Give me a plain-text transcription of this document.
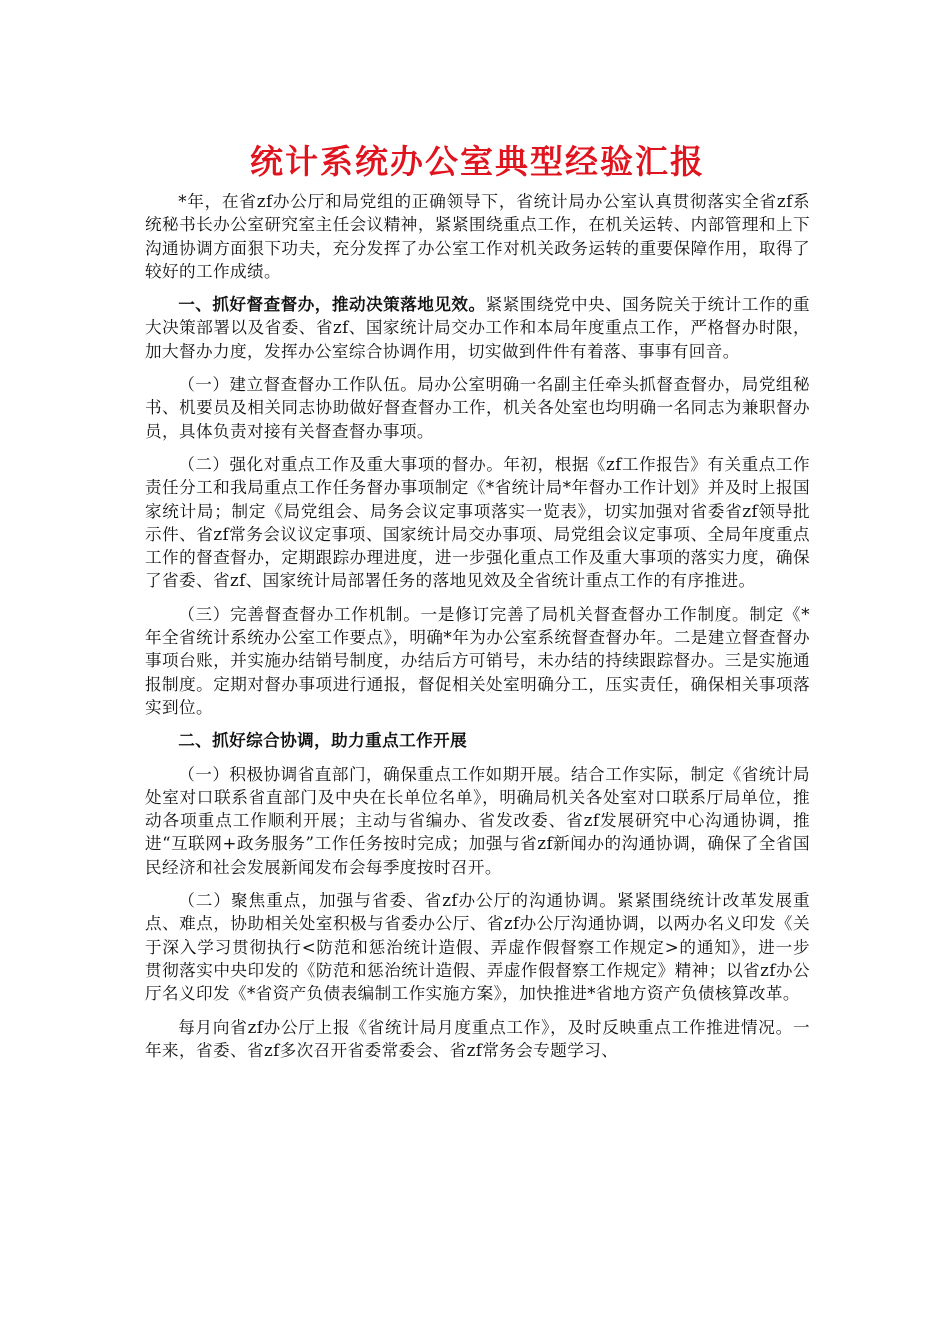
统计系统办公室典型经验汇报

*年，在省zf办公厅和局党组的正确领导下，省统计局办公室认真贯彻落实全省zf系统秘书长办公室研究室主任会议精神，紧紧围绕重点工作，在机关运转、内部管理和上下沟通协调方面狠下功夫，充分发挥了办公室工作对机关政务运转的重要保障作用，取得了较好的工作成绩。

一、抓好督查督办，推动决策落地见效。紧紧围绕党中央、国务院关于统计工作的重大决策部署以及省委、省zf、国家统计局交办工作和本局年度重点工作，严格督办时限，加大督办力度，发挥办公室综合协调作用，切实做到件件有着落、事事有回音。

（一）建立督查督办工作队伍。局办公室明确一名副主任牵头抓督查督办，局党组秘书、机要员及相关同志协助做好督查督办工作，机关各处室也均明确一名同志为兼职督办员，具体负责对接有关督查督办事项。

（二）强化对重点工作及重大事项的督办。年初，根据《zf工作报告》有关重点工作责任分工和我局重点工作任务督办事项制定《*省统计局*年督办工作计划》并及时上报国家统计局；制定《局党组会、局务会议定事项落实一览表》，切实加强对省委省zf领导批示件、省zf常务会议议定事项、国家统计局交办事项、局党组会议定事项、全局年度重点工作的督查督办，定期跟踪办理进度，进一步强化重点工作及重大事项的落实力度，确保了省委、省zf、国家统计局部署任务的落地见效及全省统计重点工作的有序推进。

（三）完善督查督办工作机制。一是修订完善了局机关督查督办工作制度。制定《*年全省统计系统办公室工作要点》，明确*年为办公室系统督查督办年。二是建立督查督办事项台账，并实施办结销号制度，办结后方可销号，未办结的持续跟踪督办。三是实施通报制度。定期对督办事项进行通报，督促相关处室明确分工，压实责任，确保相关事项落实到位。

二、抓好综合协调，助力重点工作开展

（一）积极协调省直部门，确保重点工作如期开展。结合工作实际，制定《省统计局处室对口联系省直部门及中央在长单位名单》，明确局机关各处室对口联系厅局单位，推动各项重点工作顺利开展；主动与省编办、省发改委、省zf发展研究中心沟通协调，推进“互联网+政务服务”工作任务按时完成；加强与省zf新闻办的沟通协调，确保了全省国民经济和社会发展新闻发布会每季度按时召开。

（二）聚焦重点，加强与省委、省zf办公厅的沟通协调。紧紧围绕统计改革发展重点、难点，协助相关处室积极与省委办公厅、省zf办公厅沟通协调，以两办名义印发《关于深入学习贯彻执行<防范和惩治统计造假、弄虚作假督察工作规定>的通知》，进一步贯彻落实中央印发的《防范和惩治统计造假、弄虚作假督察工作规定》精神；以省zf办公厅名义印发《*省资产负债表编制工作实施方案》，加快推进*省地方资产负债核算改革。

每月向省zf办公厅上报《省统计局月度重点工作》，及时反映重点工作推进情况。一年来，省委、省zf多次召开省委常委会、省zf常务会专题学习、
